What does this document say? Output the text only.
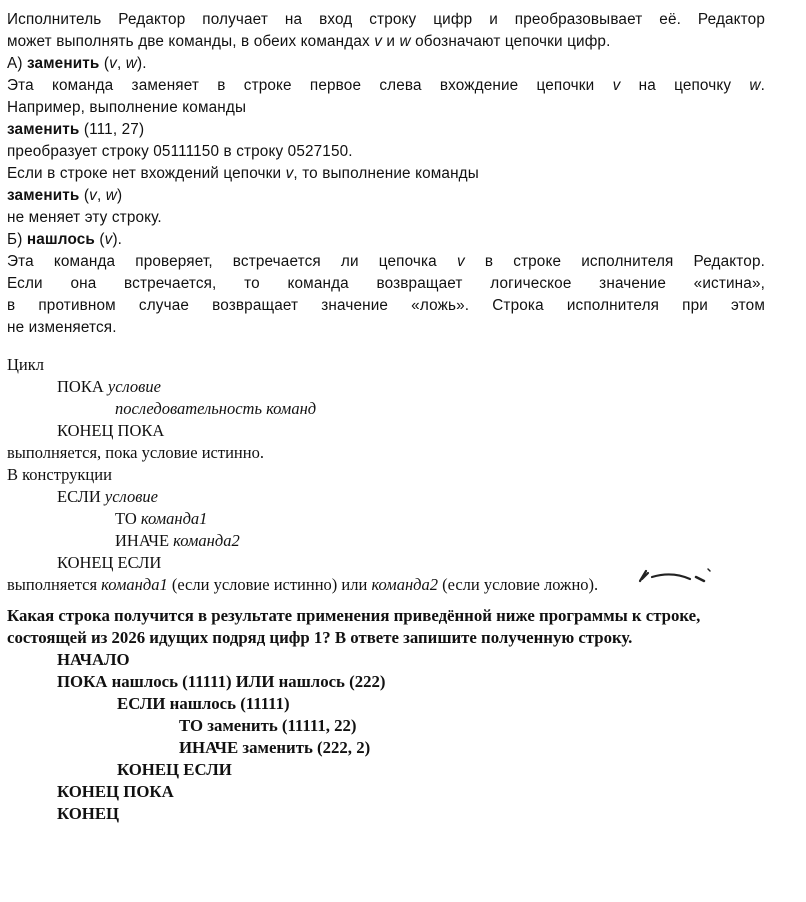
Исполнитель Редактор получает на вход строку цифр и преобразовывает её. Редактор
может выполнять две команды, в обеих командах v и w обозначают цепочки цифр.
А) заменить (v, w).
Эта команда заменяет в строке первое слева вхождение цепочки v на цепочку w.
Например, выполнение команды
заменить (111, 27)
преобразует строку 05111150 в строку 0527150.
Если в строке нет вхождений цепочки v, то выполнение команды
заменить (v, w)
не меняет эту строку.
Б) нашлось (v).
Эта команда проверяет, встречается ли цепочка v в строке исполнителя Редактор.
Если она встречается, то команда возвращает логическое значение «истина»,
в противном случае возвращает значение «ложь». Строка исполнителя при этом
не изменяется.
Цикл
ПОКА условие
последовательность команд
КОНЕЦ ПОКА
выполняется, пока условие истинно.
В конструкции
ЕСЛИ условие
ТО команда1
ИНАЧЕ команда2
КОНЕЦ ЕСЛИ
выполняется команда1 (если условие истинно) или команда2 (если условие ложно).
Какая строка получится в результате применения приведённой ниже программы к строке,
состоящей из 2026 идущих подряд цифр 1? В ответе запишите полученную строку.
НАЧАЛО
ПОКА нашлось (11111) ИЛИ нашлось (222)
ЕСЛИ нашлось (11111)
ТО заменить (11111, 22)
ИНАЧЕ заменить (222, 2)
КОНЕЦ ЕСЛИ
КОНЕЦ ПОКА
КОНЕЦ
